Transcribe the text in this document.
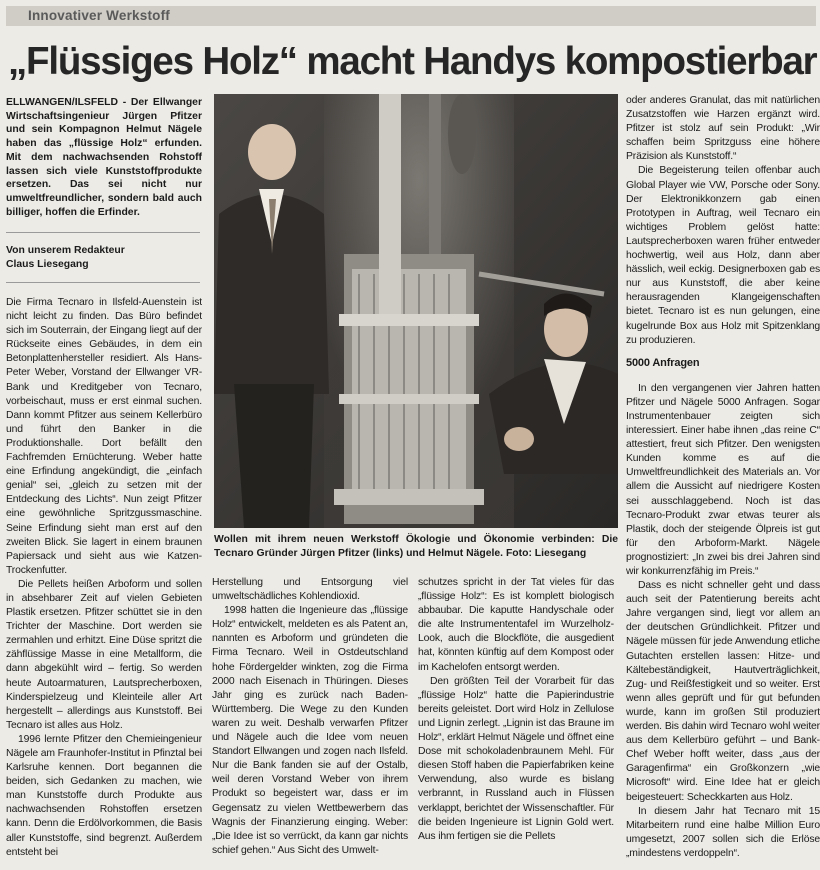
Innovativer Werkstoff
„Flüssiges Holz“ macht Handys kompostierbar
ELLWANGEN/ILSFELD - Der Ellwanger Wirtschaftsingenieur Jürgen Pfitzer und sein Kompagnon Helmut Nägele haben das „flüssige Holz“ erfunden. Mit dem nachwachsenden Rohstoff lassen sich viele Kunststoffprodukte ersetzen. Das sei nicht nur umweltfreundlicher, sondern bald auch billiger, hoffen die Erfinder.
Von unserem Redakteur
Claus Liesegang

Die Firma Tecnaro in Ilsfeld-Auenstein ist nicht leicht zu finden. Das Büro befindet sich im Souterrain, der Eingang liegt auf der Rückseite eines Gebäudes, in dem ein Betonplattenhersteller residiert. Als Hans-Peter Weber, Vorstand der Ellwanger VR-Bank und Kreditgeber von Tecnaro, vorbeischaut, muss er erst einmal suchen. Dann kommt Pfitzer aus seinem Kellerbüro und führt den Banker in die Produktionshalle. Dort befällt den Fachfremden Ernüchterung. Weber hatte eine Erfindung angekündigt, die „einfach genial“ sei, „gleich zu setzen mit der Entdeckung des Lichts“. Nun zeigt Pfitzer eine gewöhnliche Spritzgussmaschine. Seine Erfindung sieht man erst auf den zweiten Blick. Sie lagert in einem braunen Papiersack und sieht aus wie Katzen-Trockenfutter.

Die Pellets heißen Arboform und sollen in absehbarer Zeit auf vielen Gebieten Plastik ersetzen. Pfitzer schüttet sie in den Trichter der Maschine. Dort werden sie zermahlen und erhitzt. Eine Düse spritzt die zähflüssige Masse in eine Metallform, die dann abgekühlt wird – fertig. So werden heute Autoarmaturen, Lautsprecherboxen, Kinderspielzeug und Kleinteile aller Art hergestellt – allerdings aus Kunststoff. Bei Tecnaro ist alles aus Holz.

1996 lernte Pfitzer den Chemieingenieur Nägele am Fraunhofer-Institut in Pfinztal bei Karlsruhe kennen. Dort begannen die beiden, sich Gedanken zu machen, wie man Kunststoffe durch Produkte aus nachwachsenden Rohstoffen ersetzen kann. Denn die Erdölvorkommen, die Basis aller Kunststoffe, sind begrenzt. Außerdem entsteht bei

Wollen mit ihrem neuen Werkstoff Ökologie und Ökonomie verbinden: Die Tecnaro Gründer Jürgen Pfitzer (links) und Helmut Nägele. Foto: Liesegang

Herstellung und Entsorgung viel umweltschädliches Kohlendioxid.

1998 hatten die Ingenieure das „flüssige Holz“ entwickelt, meldeten es als Patent an, nannten es Arboform und gründeten die Firma Tecnaro. Weil in Ostdeutschland hohe Fördergelder winkten, zog die Firma 2000 nach Eisenach in Thüringen. Dieses Jahr ging es zurück nach Baden-Württemberg. Die Wege zu den Kunden waren zu weit. Deshalb verwarfen Pfitzer und Nägele auch die Idee vom neuen Standort Ellwangen und zogen nach Ilsfeld. Nur die Bank fanden sie auf der Ostalb, weil deren Vorstand Weber von ihrem Produkt so begeistert war, dass er im Gegensatz zu vielen Wettbewerbern das Wagnis der Finanzierung einging. Weber: „Die Idee ist so verrückt, da kann gar nichts schief gehen.“ Aus Sicht des Umwelt-

schutzes spricht in der Tat vieles für das „flüssige Holz“: Es ist komplett biologisch abbaubar. Die kaputte Handyschale oder die alte Instrumententafel im Wurzelholz-Look, auch die Blockflöte, die ausgedient hat, könnten künftig auf dem Kompost oder im Kachelofen entsorgt werden.

Den größten Teil der Vorarbeit für das „flüssige Holz“ hatte die Papierindustrie bereits geleistet. Dort wird Holz in Zellulose und Lignin zerlegt. „Lignin ist das Braune im Holz“, erklärt Helmut Nägele und öffnet eine Dose mit schokoladenbraunem Mehl. Für diesen Stoff haben die Papierfabriken keine Verwendung, also wurde es bislang verbrannt, in Russland auch in Flüssen verklappt, berichtet der Wissenschaftler. Für die beiden Ingenieure ist Lignin Gold wert. Aus ihm fertigen sie die Pellets

oder anderes Granulat, das mit natürlichen Zusatzstoffen wie Harzen ergänzt wird. Pfitzer ist stolz auf sein Produkt: „Wir schaffen beim Spritzguss eine höhere Präzision als Kunststoff.“

Die Begeisterung teilen offenbar auch Global Player wie VW, Porsche oder Sony. Der Elektronikkonzern gab einen Prototypen in Auftrag, weil Tecnaro ein wichtiges Problem gelöst hatte: Lautsprecherboxen waren früher entweder hochwertig, weil aus Holz, dann aber hässlich, weil eckig. Designerboxen gab es nur aus Kunststoff, die aber keine herausragenden Klangeigenschaften bietet. Tecnaro ist es nun gelungen, eine kugelrunde Box aus Holz mit Spitzenklang zu produzieren.

5000 Anfragen

In den vergangenen vier Jahren hatten Pfitzer und Nägele 5000 Anfragen. Sogar Instrumentenbauer zeigten sich interessiert. Einer habe ihnen „das reine C“ attestiert, freut sich Pfitzer. Den wenigsten Kunden komme es auf die Umweltfreundlichkeit des Materials an. Vor allem die Aussicht auf niedrigere Kosten sei ausschlaggebend. Noch ist das Tecnaro-Produkt zwar etwas teurer als Plastik, doch der steigende Ölpreis ist gut für den Arboform-Markt. Nägele prognostiziert: „In zwei bis drei Jahren sind wir konkurrenzfähig im Preis.“

Dass es nicht schneller geht und dass auch seit der Patentierung bereits acht Jahre vergangen sind, liegt vor allem an der deutschen Gründlichkeit. Pfitzer und Nägele müssen für jede Anwendung etliche Gutachten erstellen lassen: Hitze- und Kältebeständigkeit, Hautverträglichkeit, Zug- und Reißfestigkeit und so weiter. Erst wenn alles geprüft und für gut befunden wurde, kann im großen Stil produziert werden. Bis dahin wird Tecnaro wohl weiter aus dem Kellerbüro geführt – und Bank-Chef Weber hofft weiter, dass „aus der Garagenfirma“ ein Großkonzern „wie Microsoft“ wird. Eine Idee hat er gleich beigesteuert: Scheckkarten aus Holz.

In diesem Jahr hat Tecnaro mit 15 Mitarbeitern rund eine halbe Million Euro umgesetzt, 2007 sollen sich die Erlöse „mindestens verdoppeln“.
